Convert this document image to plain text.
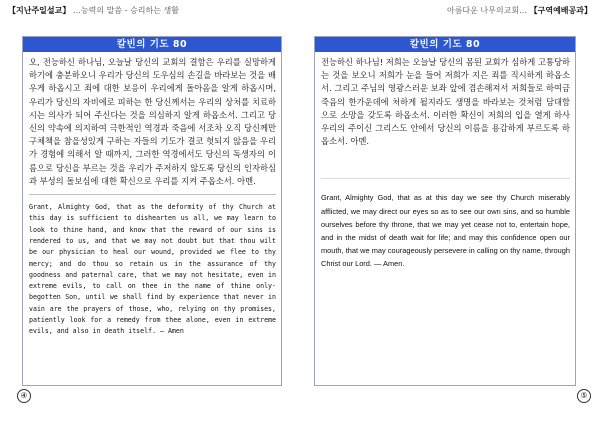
【지난주일설교】 …능력의 말씀 - 승리하는 생활	아름다운 나무의교회… 【구역예배공과】
칼빈의 기도 80

오, 전능하신 하나님, 오늘날 당신의 교회의 결함은 우리를 실망하게 하기에 충분하오니 우리가 당신의 도우심의 손길을 바라보는 것을 배우게 하옵시고 죄에 대한 보응이 우리에게 돌아옴을 알게 하옵시며, 우리가 당신의 자비에로 피하는 한 당신께서는 우리의 상처를 치료하시는 의사가 되어 주신다는 것을 의심하지 알게 하옵소서. 그리고 당신의 약속에 의지하여 극한적인 역경과 죽음에 서조차 오직 당신께만 구체책을 참을성있게 구하는 자들의 기도가 결코 헛되지 않음을 우리가 경험에 의해서 알 때까지, 그러한 역경에서도 당신의 독생자의 이름으로 당신을 부르는 것을 우리가 주저하지 않도록 당신의 인자하심과 부성의 돌보심에 대한 확신으로 우리를 지켜 주옵소서. 아멘.

Grant, Almighty God, that as the deformity of thy Church at this day is sufficient to dishearten us all, we may learn to look to thine hand, and know that the reward of our sins is rendered to us, and that we may not doubt but that thou wilt be our physician to heal our wound, provided we flee to thy mercy; and do thou so retain us in the assurance of thy goodness and paternal care, that we may not hesitate, even in extreme evils, to call on thee in the name of thine only-begotten Son, until we shall find by experience that never in vain are the prayers of those, who, relying on thy promises, patiently look for a remedy from thee alone, even in extreme evils, and also in death itself. — Amen

칼빈의 기도 80

전능하신 하나님! 저희는 오늘날 당신의 몸된 교회가 심하게 고통당하는 것을 보오니 저희가 눈을 들어 저희가 지은 죄를 직시하게 하옵소서. 그리고 주님의 영광스러운 보좌 앞에 겸손해져서 저희들로 하여금 죽음의 한가운데에 처하게 될지라도 생명을 바라보는 것처럼 담대함으로 소망을 갖도록 하옵소서. 이러한 확신이 저희의 입을 열게 하사 우리의 주이신 그리스도 안에서 당신의 이름을 용감하게 부르도록 하옵소서. 아멘.

Grant, Almighty God, that as at this day we see thy Church miserably afflicted, we may direct our eyes so as to see our own sins, and so humble ourselves before thy throne, that we may yet cease not to, entertain hope, and in the midst of death wait for life; and may this confidence open our mouth, that we may courageously persevere in calling on thy name, through Christ our Lord. — Amen.

④	⑤
